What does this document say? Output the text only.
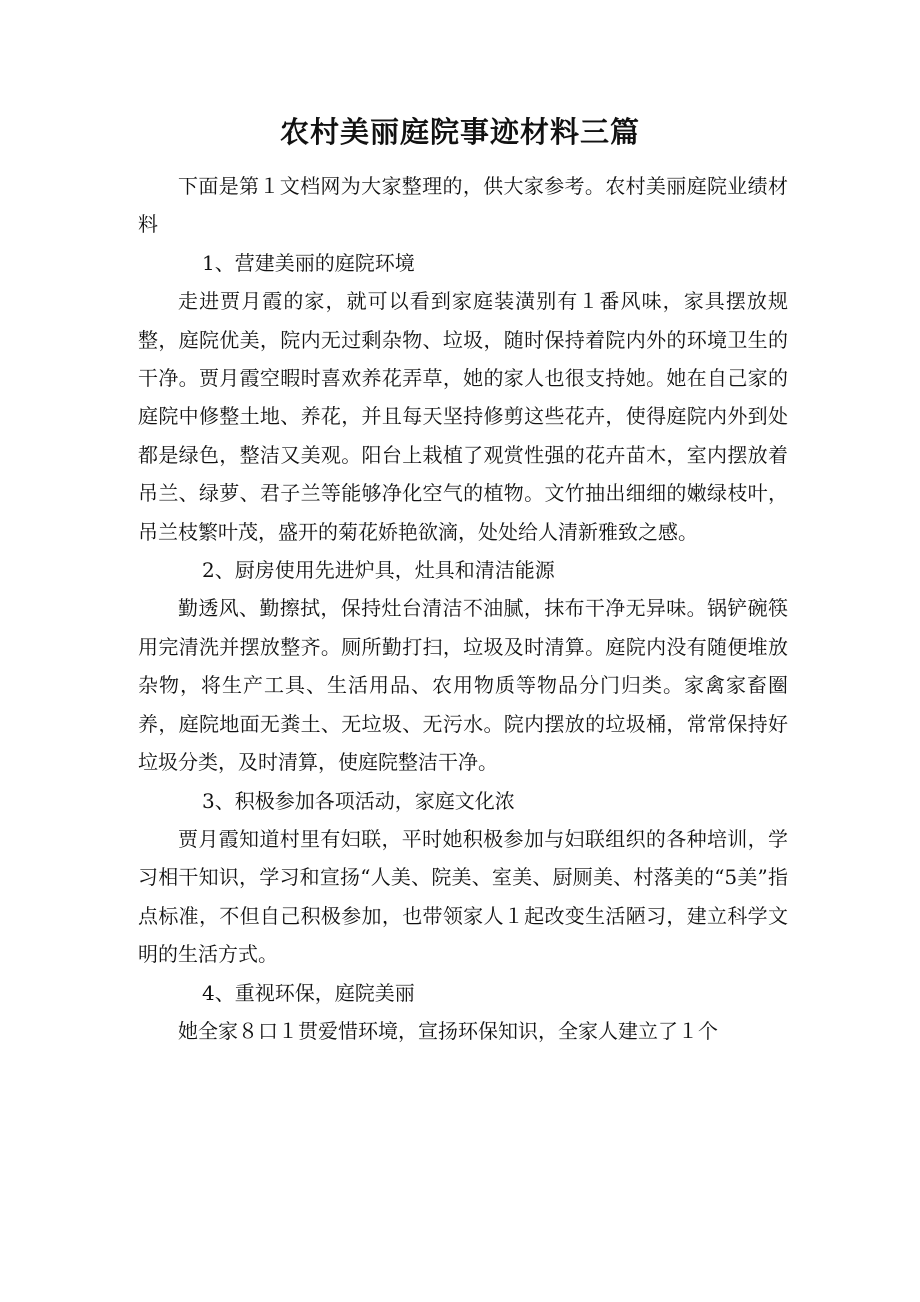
农村美丽庭院事迹材料三篇

下面是第１文档网为大家整理的，供大家参考。农村美丽庭院业绩材料

1、营建美丽的庭院环境

走进贾月霞的家，就可以看到家庭装潢别有１番风味，家具摆放规整，庭院优美，院内无过剩杂物、垃圾，随时保持着院内外的环境卫生的干净。贾月霞空暇时喜欢养花弄草，她的家人也很支持她。她在自己家的庭院中修整土地、养花，并且每天坚持修剪这些花卉，使得庭院内外到处都是绿色，整洁又美观。阳台上栽植了观赏性强的花卉苗木，室内摆放着吊兰、绿萝、君子兰等能够净化空气的植物。文竹抽出细细的嫩绿枝叶，吊兰枝繁叶茂，盛开的菊花娇艳欲滴，处处给人清新雅致之感。

2、厨房使用先进炉具，灶具和清洁能源

勤透风、勤擦拭，保持灶台清洁不油腻，抹布干净无异味。锅铲碗筷用完清洗并摆放整齐。厕所勤打扫，垃圾及时清算。庭院内没有随便堆放杂物，将生产工具、生活用品、农用物质等物品分门归类。家禽家畜圈养，庭院地面无粪土、无垃圾、无污水。院内摆放的垃圾桶，常常保持好垃圾分类，及时清算，使庭院整洁干净。

3、积极参加各项活动，家庭文化浓

贾月霞知道村里有妇联，平时她积极参加与妇联组织的各种培训，学习相干知识，学习和宣扬“人美、院美、室美、厨厕美、村落美的“5美”指点标准，不但自己积极参加，也带领家人１起改变生活陋习，建立科学文明的生活方式。

4、重视环保，庭院美丽

她全家８口１贯爱惜环境，宣扬环保知识，全家人建立了１个
